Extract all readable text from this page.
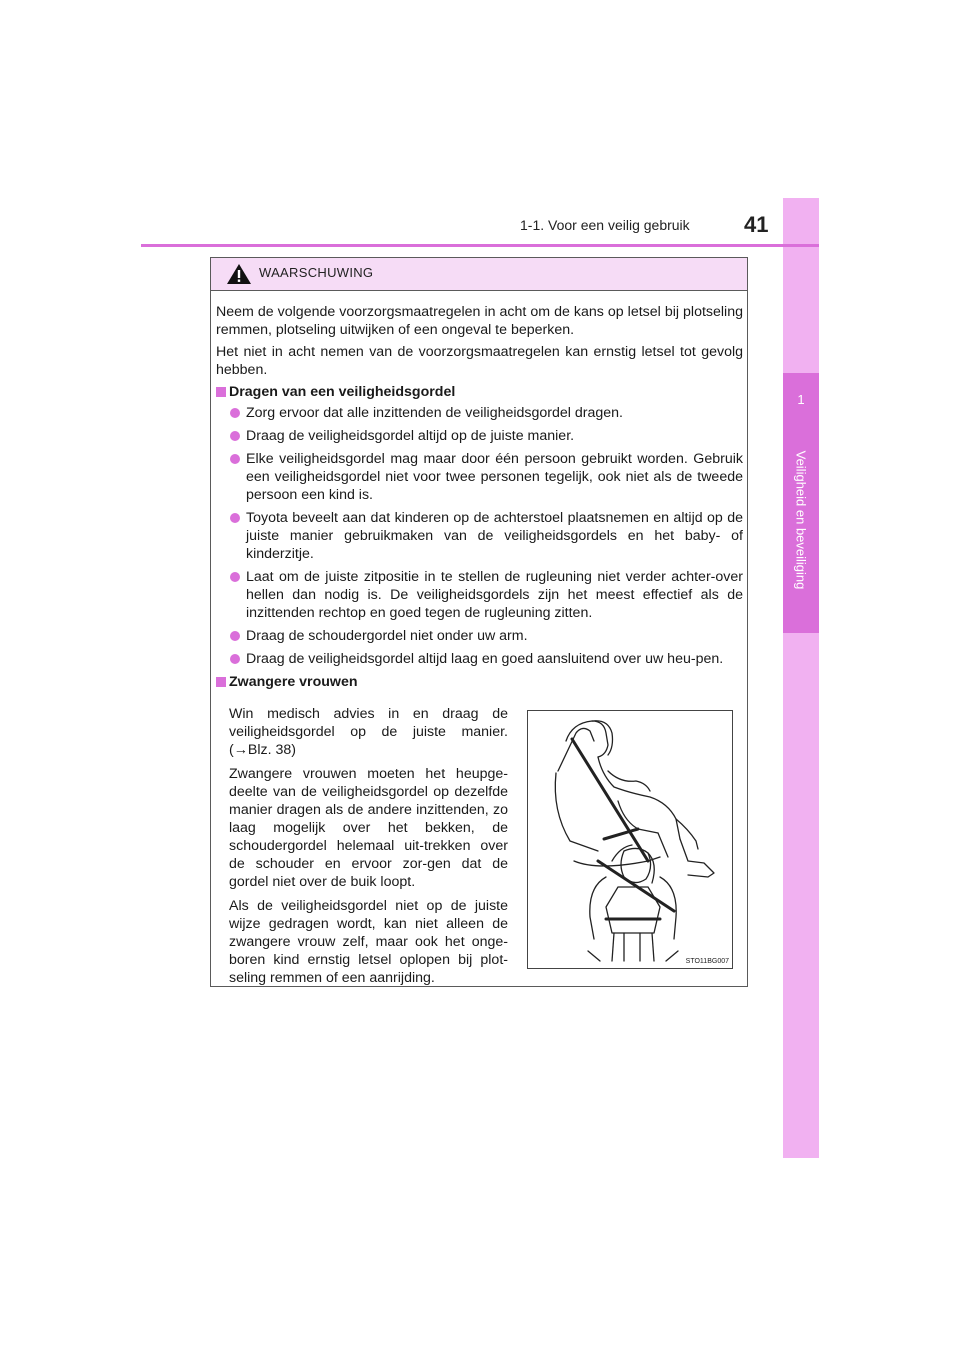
1
Veiligheid en beveiliging
1-1. Voor een veilig gebruik 41
WAARSCHUWING

Neem de volgende voorzorgsmaatregelen in acht om de kans op letsel bij plotseling remmen, plotseling uitwijken of een ongeval te beperken.

Het niet in acht nemen van de voorzorgsmaatregelen kan ernstig letsel tot gevolg hebben.

Dragen van een veiligheidsgordel
Zorg ervoor dat alle inzittenden de veiligheidsgordel dragen.
Draag de veiligheidsgordel altijd op de juiste manier.
Elke veiligheidsgordel mag maar door één persoon gebruikt worden. Gebruik een veiligheidsgordel niet voor twee personen tegelijk, ook niet als de tweede persoon een kind is.
Toyota beveelt aan dat kinderen op de achterstoel plaatsnemen en altijd op de juiste manier gebruikmaken van de veiligheidsgordels en het baby- of kinderzitje.
Laat om de juiste zitpositie in te stellen de rugleuning niet verder achter-over hellen dan nodig is. De veiligheidsgordels zijn het meest effectief als de inzittenden rechtop en goed tegen de rugleuning zitten.
Draag de schoudergordel niet onder uw arm.
Draag de veiligheidsgordel altijd laag en goed aansluitend over uw heu-pen.
Zwangere vrouwen

Win medisch advies in en draag de veiligheidsgordel op de juiste manier. (→Blz. 38)

Zwangere vrouwen moeten het heupge-deelte van de veiligheidsgordel op dezelfde manier dragen als de andere inzittenden, zo laag mogelijk over het bekken, de schoudergordel helemaal uit-trekken over de schouder en ervoor zor-gen dat de gordel niet over de buik loopt.

Als de veiligheidsgordel niet op de juiste wijze gedragen wordt, kan niet alleen de zwangere vrouw zelf, maar ook het onge-boren kind ernstig letsel oplopen bij plot-seling remmen of een aanrijding.

STO11BG007
